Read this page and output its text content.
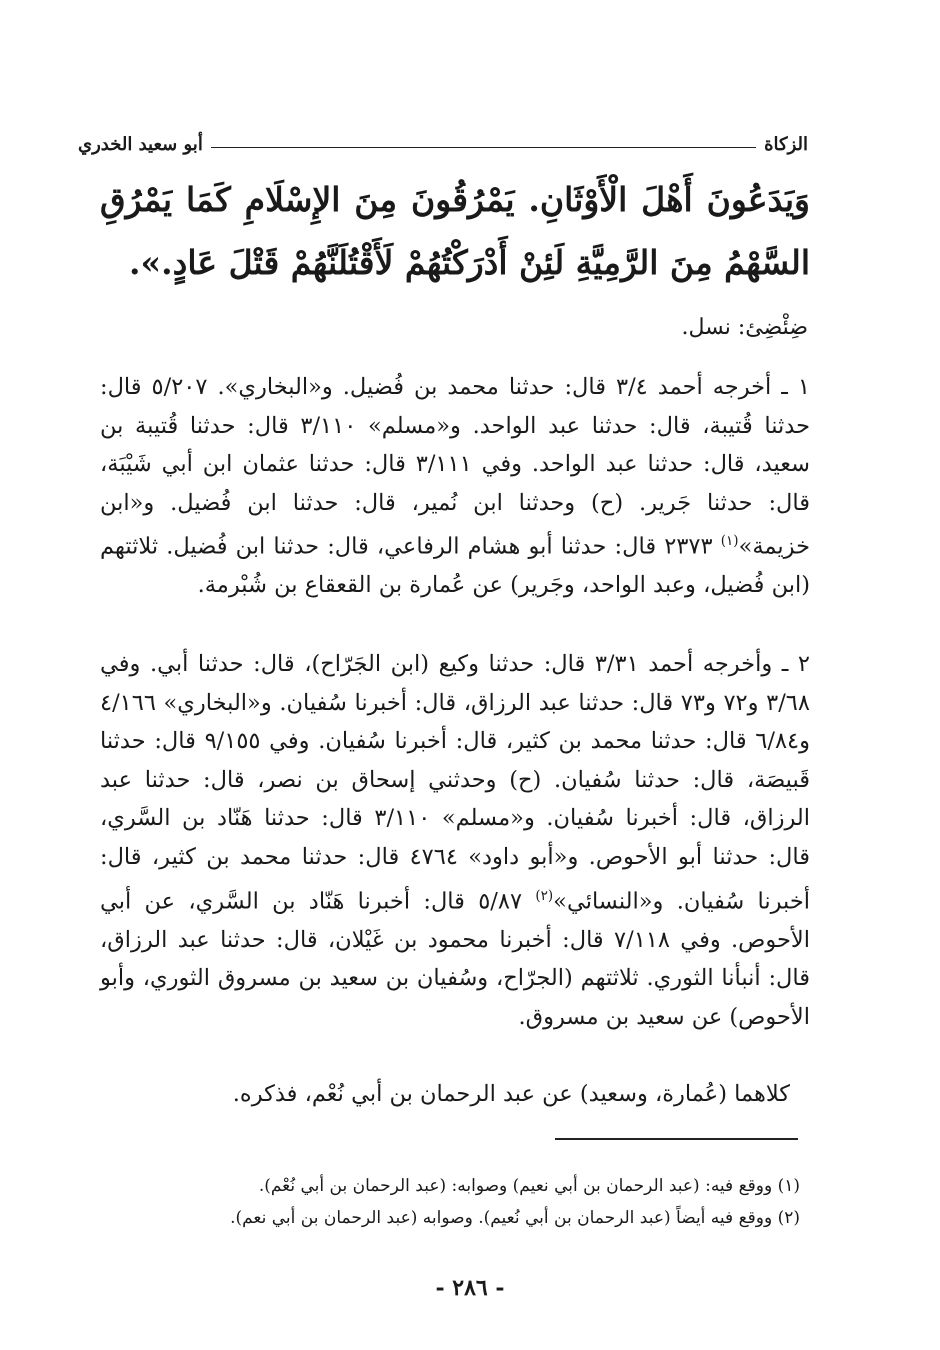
الزكاة
أبو سعيد الخدري
وَيَدَعُونَ أَهْلَ الْأَوْثَانِ. يَمْرُقُونَ مِنَ الإِسْلَامِ كَمَا يَمْرُقِ السَّهْمُ مِنَ الرَّمِيَّةِ لَئِنْ أَدْرَكْتُهُمْ لَأَقْتُلَنَّهُمْ قَتْلَ عَادٍ.».
ضِئْضِئ: نسل.

١ ـ أخرجه أحمد ٣/٤ قال: حدثنا محمد بن فُضيل. و«البخاري». ٥/٢٠٧ قال: حدثنا قُتيبة، قال: حدثنا عبد الواحد. و«مسلم» ٣/١١٠ قال: حدثنا قُتيبة بن سعيد، قال: حدثنا عبد الواحد. وفي ٣/١١١ قال: حدثنا عثمان ابن أبي شَيْبَة، قال: حدثنا جَرير. (ح) وحدثنا ابن نُمير، قال: حدثنا ابن فُضيل. و«ابن خزيمة»$^{(١)}$ ٢٣٧٣ قال: حدثنا أبو هشام الرفاعي، قال: حدثنا ابن فُضيل. ثلاثتهم (ابن فُضيل، وعبد الواحد، وجَرير) عن عُمارة بن القعقاع بن شُبْرمة.

٢ ـ وأخرجه أحمد ٣/٣١ قال: حدثنا وكيع (ابن الجَرّاح)، قال: حدثنا أبي. وفي ٣/٦٨ و٧٢ و٧٣ قال: حدثنا عبد الرزاق، قال: أخبرنا سُفيان. و«البخاري» ٤/١٦٦ و٦/٨٤ قال: حدثنا محمد بن كثير، قال: أخبرنا سُفيان. وفي ٩/١٥٥ قال: حدثنا قَبيصَة، قال: حدثنا سُفيان. (ح) وحدثني إسحاق بن نصر، قال: حدثنا عبد الرزاق، قال: أخبرنا سُفيان. و«مسلم» ٣/١١٠ قال: حدثنا هَنّاد بن السَّري، قال: حدثنا أبو الأحوص. و«أبو داود» ٤٧٦٤ قال: حدثنا محمد بن كثير، قال: أخبرنا سُفيان. و«النسائي»$^{(٢)}$ ٥/٨٧ قال: أخبرنا هَنّاد بن السَّري، عن أبي الأحوص. وفي ٧/١١٨ قال: أخبرنا محمود بن غَيْلان، قال: حدثنا عبد الرزاق، قال: أنبأنا الثوري. ثلاثتهم (الجرّاح، وسُفيان بن سعيد بن مسروق الثوري، وأبو الأحوص) عن سعيد بن مسروق.

كلاهما (عُمارة، وسعيد) عن عبد الرحمان بن أبي نُعْم، فذكره.
(١) ووقع فيه: (عبد الرحمان بن أبي نعيم) وصوابه: (عبد الرحمان بن أبي نُعْم).
(٢) ووقع فيه أيضاً (عبد الرحمان بن أبي نُعيم). وصوابه (عبد الرحمان بن أبي نعم).
- ٢٨٦ -
